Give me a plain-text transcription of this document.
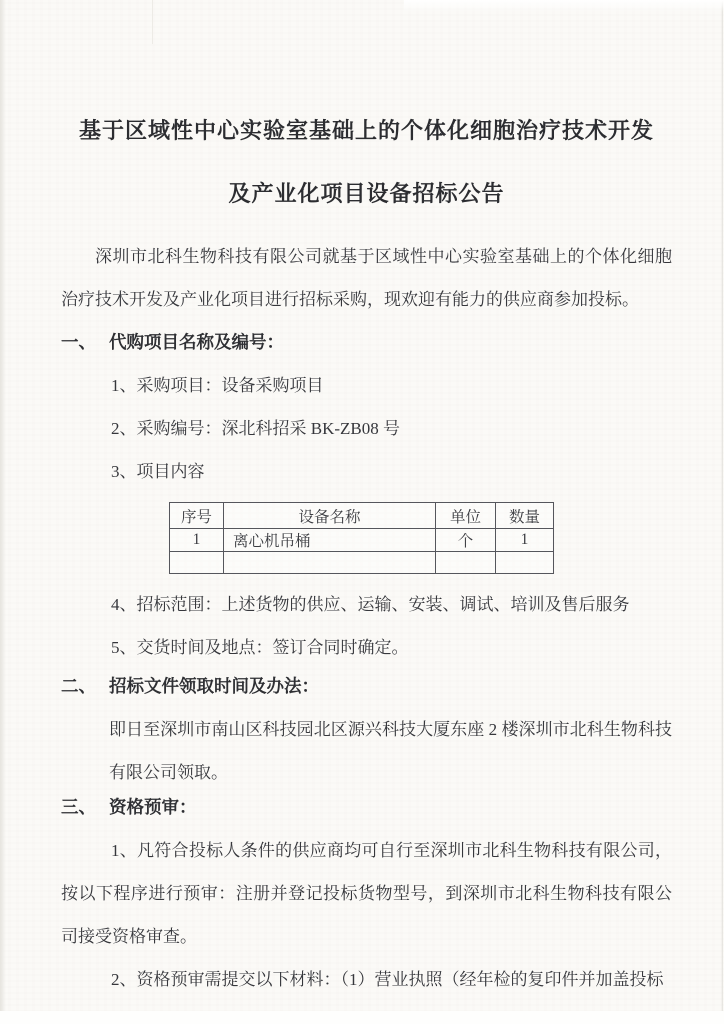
基于区域性中心实验室基础上的个体化细胞治疗技术开发
及产业化项目设备招标公告

深圳市北科生物科技有限公司就基于区域性中心实验室基础上的个体化细胞治疗技术开发及产业化项目进行招标采购，现欢迎有能力的供应商参加投标。

一、 代购项目名称及编号：
1、采购项目：设备采购项目
2、采购编号：深北科招采 BK-ZB08 号
3、项目内容
序号	设备名称	单位	数量
1	离心机吊桶	个	1

4、招标范围：上述货物的供应、运输、安装、调试、培训及售后服务
5、交货时间及地点：签订合同时确定。
二、 招标文件领取时间及办法：

即日至深圳市南山区科技园北区源兴科技大厦东座 2 楼深圳市北科生物科技有限公司领取。

三、 资格预审：

1、凡符合投标人条件的供应商均可自行至深圳市北科生物科技有限公司，按以下程序进行预审：注册并登记投标货物型号，到深圳市北科生物科技有限公司接受资格审查。

2、资格预审需提交以下材料：（1）营业执照（经年检的复印件并加盖投标
